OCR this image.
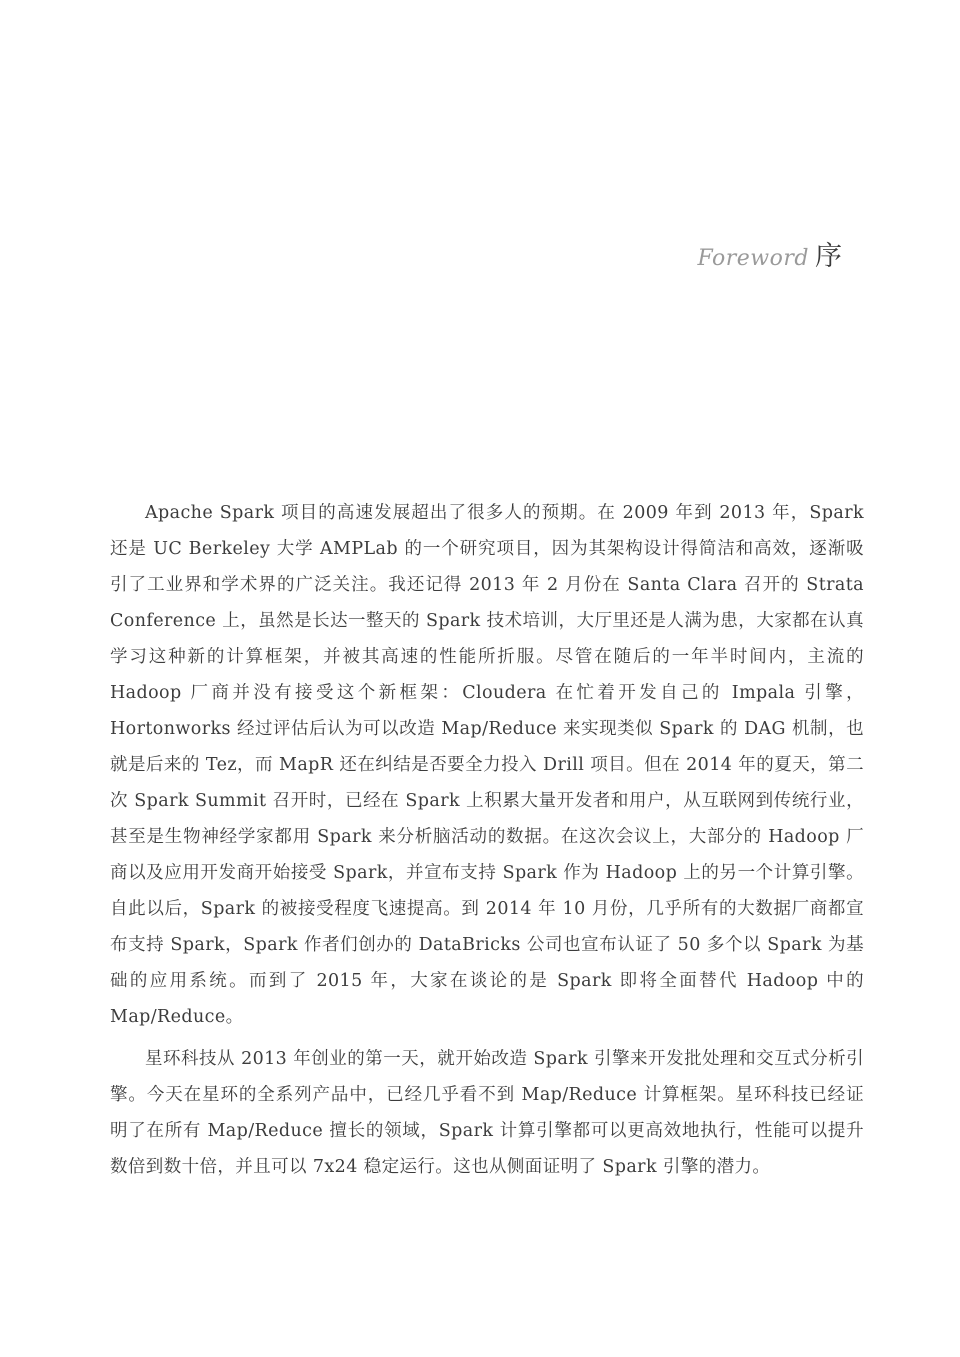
Foreword 序

Apache Spark 项目的高速发展超出了很多人的预期。在 2009 年到 2013 年，Spark 还是 UC Berkeley 大学 AMPLab 的一个研究项目，因为其架构设计得简洁和高效，逐渐吸引了工业界和学术界的广泛关注。我还记得 2013 年 2 月份在 Santa Clara 召开的 Strata Conference 上，虽然是长达一整天的 Spark 技术培训，大厅里还是人满为患，大家都在认真学习这种新的计算框架，并被其高速的性能所折服。尽管在随后的一年半时间内，主流的 Hadoop 厂商并没有接受这个新框架：Cloudera 在忙着开发自己的 Impala 引擎，Hortonworks 经过评估后认为可以改造 Map/Reduce 来实现类似 Spark 的 DAG 机制，也就是后来的 Tez，而 MapR 还在纠结是否要全力投入 Drill 项目。但在 2014 年的夏天，第二次 Spark Summit 召开时，已经在 Spark 上积累大量开发者和用户，从互联网到传统行业，甚至是生物神经学家都用 Spark 来分析脑活动的数据。在这次会议上，大部分的 Hadoop 厂商以及应用开发商开始接受 Spark，并宣布支持 Spark 作为 Hadoop 上的另一个计算引擎。自此以后，Spark 的被接受程度飞速提高。到 2014 年 10 月份，几乎所有的大数据厂商都宣布支持 Spark，Spark 作者们创办的 DataBricks 公司也宣布认证了 50 多个以 Spark 为基础的应用系统。而到了 2015 年，大家在谈论的是 Spark 即将全面替代 Hadoop 中的 Map/Reduce。

星环科技从 2013 年创业的第一天，就开始改造 Spark 引擎来开发批处理和交互式分析引擎。今天在星环的全系列产品中，已经几乎看不到 Map/Reduce 计算框架。星环科技已经证明了在所有 Map/Reduce 擅长的领域，Spark 计算引擎都可以更高效地执行，性能可以提升数倍到数十倍，并且可以 7x24 稳定运行。这也从侧面证明了 Spark 引擎的潜力。
